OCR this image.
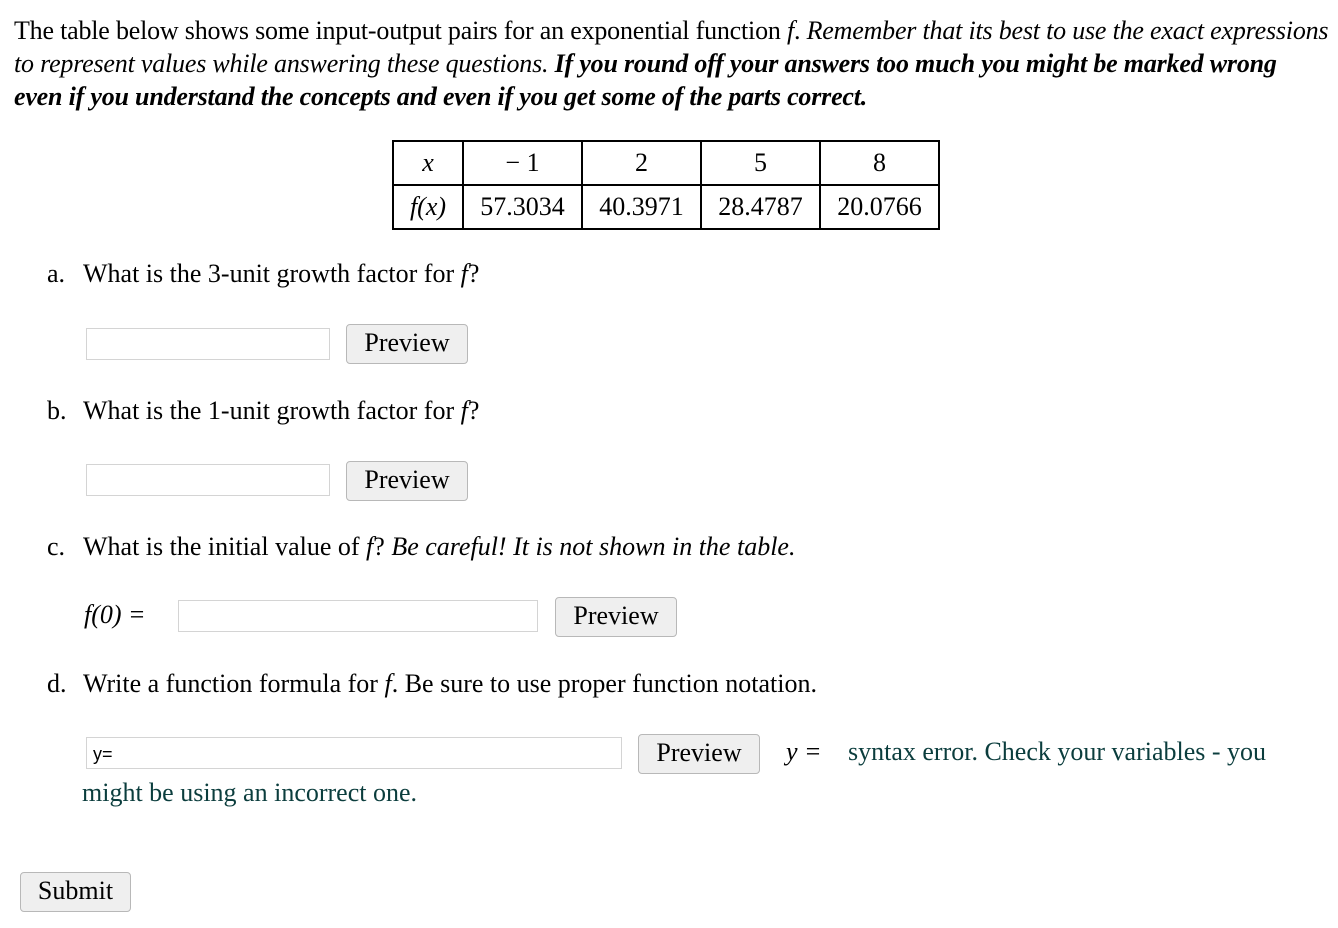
The table below shows some input-output pairs for an exponential function f. Remember that its best to use the exact expressions to represent values while answering these questions. If you round off your answers too much you might be marked wrong even if you understand the concepts and even if you get some of the parts correct.
x	− 1	2	5	8
f(x)	57.3034	40.3971	28.4787	20.0766
a. What is the 3-unit growth factor for f?
Preview
b. What is the 1-unit growth factor for f?
Preview
c. What is the initial value of f? Be careful! It is not shown in the table.
f(0) =	Preview
d. Write a function formula for f. Be sure to use proper function notation.
y=	Preview	y = syntax error. Check your variables - you
might be using an incorrect one.
Submit
